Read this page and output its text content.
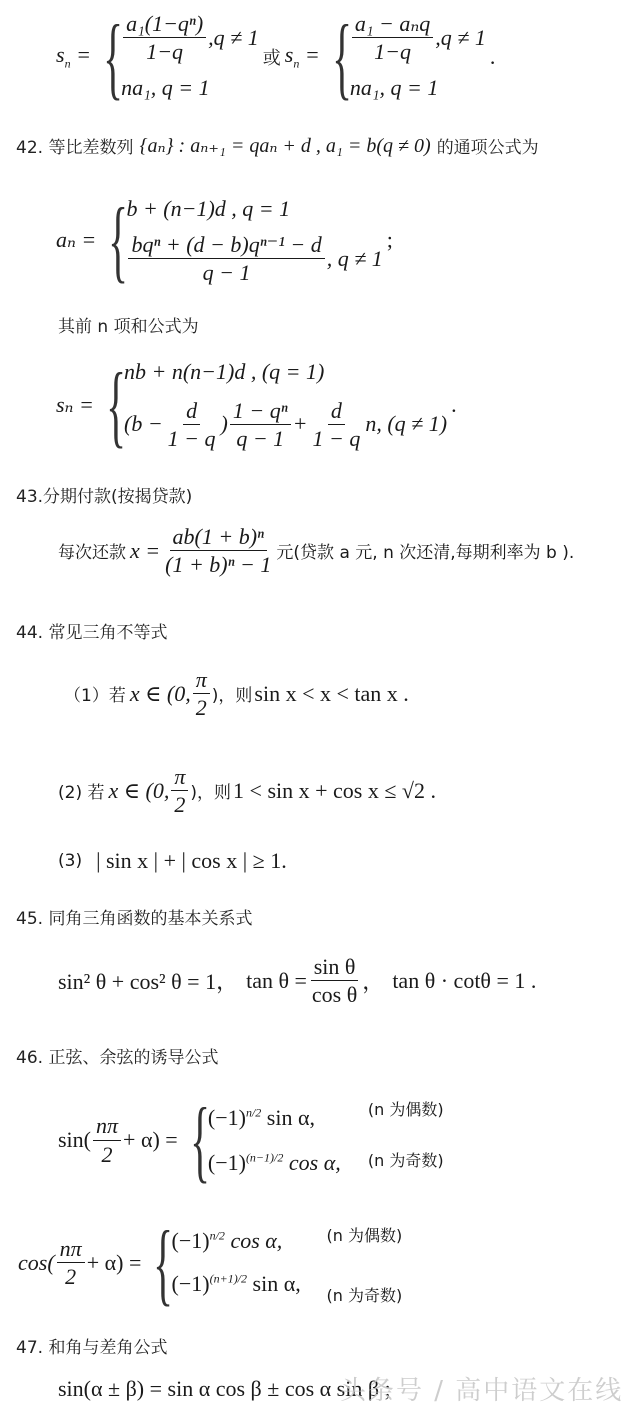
$s_n$ = { $\frac{\text{a₁(1−qⁿ)}}{1-q} ,q \ne 1$
na₁, q = 1
或 $s_n$ = { $\frac{\text{a₁ − aₙq}}{1-q} ,q \ne 1$
na₁, q = 1
.
42. 等比差数列 {aₙ} : aₙ₊₁ = qaₙ + d , a₁ = b(q ≠ 0) 的通项公式为
aₙ = {
b + (n−1)d , q = 1
$\frac{\text{bqⁿ + (d − b)qⁿ⁻¹ − d}}{q - 1}$ , q ≠ 1
;
其前 n 项和公式为
sₙ = {
nb + n(n−1)d , (q = 1)
($b - \frac{d}{1 - q}$ ) $\frac{\text{1 − qⁿ}}{q - 1} + \frac{d}{1 - q} n$, (q ≠ 1)
.
43.分期付款(按揭贷款)
每次还款 $x = \frac{\text{ab(1 + b)ⁿ}}{\text{(1 + b)ⁿ − 1}}$ 元(贷款 a 元, n 次还清,每期利率为 b ).
44. 常见三角不等式
（1）若 x ∈ (0, $\frac{\pi}{2}$ )，则 sin x < x < tan x .
(2) 若 x ∈ (0, $\frac{\pi}{2}$ )，则 1 < sin x + cos x ≤ √2 .
(3) | sin x | + | cos x | ≥ 1.
45. 同角三角函数的基本关系式
sin² θ + cos² θ = 1， $\tan \theta = \frac{\text{sin θ}}{\text{cos θ}}$ ， tan θ · cotθ = 1 .
46. 正弦、余弦的诱导公式
$\sin( \frac{n\pi}{2} + \alpha)$ = {
$(-1)^{n/2}$ sin α,
$(-1)^{(n-1)/2}$ cos α,
(n 为偶数)
(n 为奇数)
$\cos( \frac{n\pi}{2} + \alpha)$ = {
$(-1)^{n/2}$ cos α,
$(-1)^{(n+1)/2}$ sin α,
(n 为偶数)
(n 为奇数)
47. 和角与差角公式
sin(α ± β) = sin α cos β ± cos α sin β ;
头条号 / 高中语文在线
